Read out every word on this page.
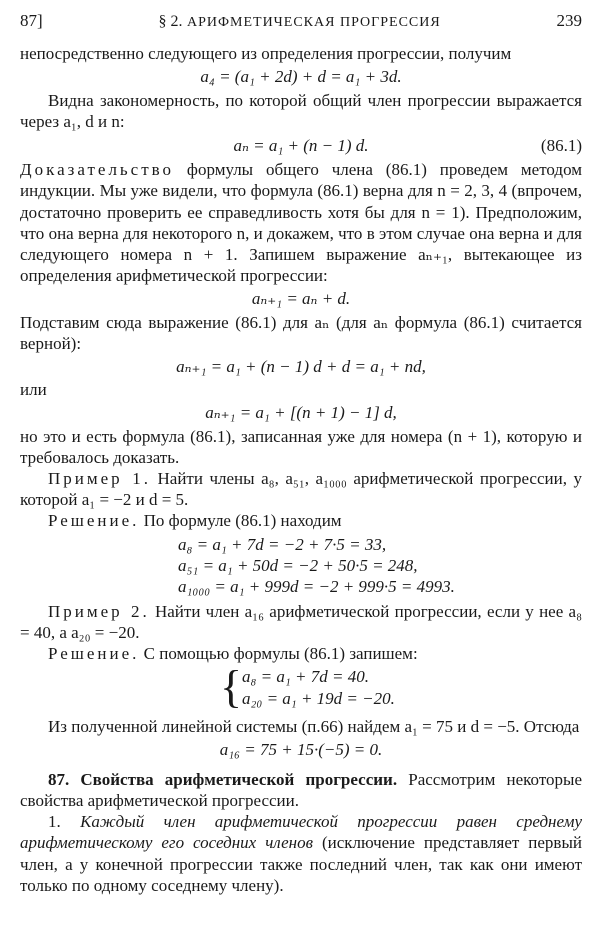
87]	§ 2. АРИФМЕТИЧЕСКАЯ ПРОГРЕССИЯ	239

непосредственно следующего из определения прогрессии, получим

a₄ = (a₁ + 2d) + d = a₁ + 3d.

Видна закономерность, по которой общий член прогрессии выражается через a₁, d и n:

aₙ = a₁ + (n − 1) d.	(86.1)

Доказательство формулы общего члена (86.1) проведем методом индукции. Мы уже видели, что формула (86.1) верна для n = 2, 3, 4 (впрочем, достаточно проверить ее справедливость хотя бы для n = 1). Предположим, что она верна для некоторого n, и докажем, что в этом случае она верна и для следующего номера n + 1. Запишем выражение aₙ₊₁, вытекающее из определения арифметической прогрессии:

aₙ₊₁ = aₙ + d.

Подставим сюда выражение (86.1) для aₙ (для aₙ формула (86.1) считается верной):

aₙ₊₁ = a₁ + (n − 1) d + d = a₁ + nd,

или

aₙ₊₁ = a₁ + [(n + 1) − 1] d,

но это и есть формула (86.1), записанная уже для номера (n + 1), которую и требовалось доказать.

Пример 1. Найти члены a₈, a₅₁, a₁₀₀₀ арифметической прогрессии, у которой a₁ = −2 и d = 5.

Решение. По формуле (86.1) находим

a₈ = a₁ + 7d = −2 + 7·5 = 33,
a₅₁ = a₁ + 50d = −2 + 50·5 = 248,
a₁₀₀₀ = a₁ + 999d = −2 + 999·5 = 4993.

Пример 2. Найти член a₁₆ арифметической прогрессии, если у нее a₈ = 40, а a₂₀ = −20.

Решение. С помощью формулы (86.1) запишем:

{ a₈ = a₁ + 7d = 40.
a₂₀ = a₁ + 19d = −20.

Из полученной линейной системы (п.66) найдем a₁ = 75 и d = −5. Отсюда

a₁₆ = 75 + 15·(−5) = 0.

87. Свойства арифметической прогрессии. Рассмотрим некоторые свойства арифметической прогрессии.

1. Каждый член арифметической прогрессии равен среднему арифметическому его соседних членов (исключение представляет первый член, а у конечной прогрессии также последний член, так как они имеют только по одному соседнему члену).
